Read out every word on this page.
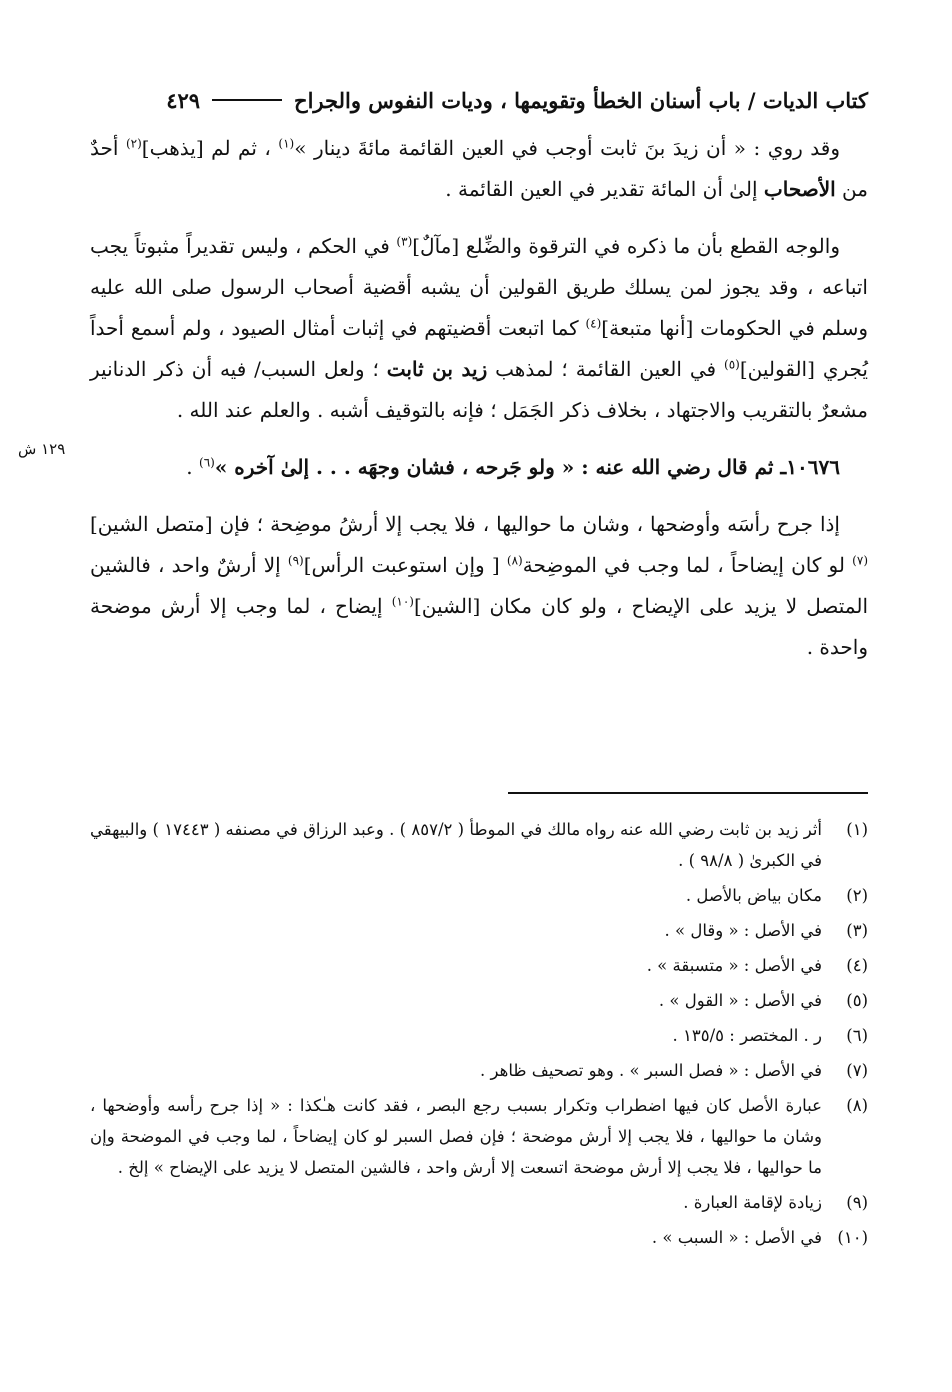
كتاب الديات / باب أسنان الخطأ وتقويمها ، وديات النفوس والجراح
٤٢٩

وقد روي : « أن زيدَ بنَ ثابت أوجب في العين القائمة مائةَ دينار »$^{(١)}$ ، ثم لم [يذهب]$^{(٢)}$ أحدٌ من الأصحاب إلىٰ أن المائة تقدير في العين القائمة .

والوجه القطع بأن ما ذكره في الترقوة والضِّلع [مآلٌ]$^{(٣)}$ في الحكم ، وليس تقديراً مثبوتاً يجب اتباعه ، وقد يجوز لمن يسلك طريق القولين أن يشبه أقضية أصحاب الرسول صلى الله عليه وسلم في الحكومات [أنها متبعة]$^{(٤)}$ كما اتبعت أقضيتهم في إثبات أمثال الصيود ، ولم أسمع أحداً يُجري [القولين]$^{(٥)}$ في العين القائمة ؛ لمذهب زيد بن ثابت ؛ ولعل السبب/ فيه أن ذكر الدنانير مشعرٌ بالتقريب والاجتهاد ، بخلاف ذكر الجَمَل ؛ فإنه بالتوقيف أشبه . والعلم عند الله .

١٠٦٧٦ـ ثم قال رضي الله عنه : « ولو جَرحه ، فشان وجهَه . . . إلىٰ آخره »$^{(٦)}$ .

إذا جرح رأسَه وأوضحها ، وشان ما حواليها ، فلا يجب إلا أرشُ موضِحة ؛ فإن [متصل الشين]$^{(٧)}$ لو كان إيضاحاً ، لما وجب في الموضِحة$^{(٨)}$ [ وإن استوعبت الرأس]$^{(٩)}$ إلا أرشٌ واحد ، فالشين المتصل لا يزيد على الإيضاح ، ولو كان مكان [الشين]$^{(١٠)}$ إيضاح ، لما وجب إلا أرش موضحة واحدة .

١٢٩ ش
(١)
أثر زيد بن ثابت رضي الله عنه رواه مالك في الموطأ ( ٨٥٧/٢ ) . وعبد الرزاق في مصنفه ( ١٧٤٤٣ ) والبيهقي في الكبرىٰ ( ٩٨/٨ ) .
(٢)
مكان بياض بالأصل .
(٣)
في الأصل : « وقال » .
(٤)
في الأصل : « متسبقة » .
(٥)
في الأصل : « القول » .
(٦)
ر . المختصر : ١٣٥/٥ .
(٧)
في الأصل : « فصل السبر » . وهو تصحيف ظاهر .
(٨)
عبارة الأصل كان فيها اضطراب وتكرار بسبب رجع البصر ، فقد كانت هـٰكذا : « إذا جرح رأسه وأوضحها ، وشان ما حواليها ، فلا يجب إلا أرش موضحة ؛ فإن فصل السبر لو كان إيضاحاً ، لما وجب في الموضحة وإن ما حواليها ، فلا يجب إلا أرش موضحة اتسعت إلا أرش واحد ، فالشين المتصل لا يزيد على الإيضاح » إلخ .
(٩)
زيادة لإقامة العبارة .
(١٠)
في الأصل : « السبب » .
